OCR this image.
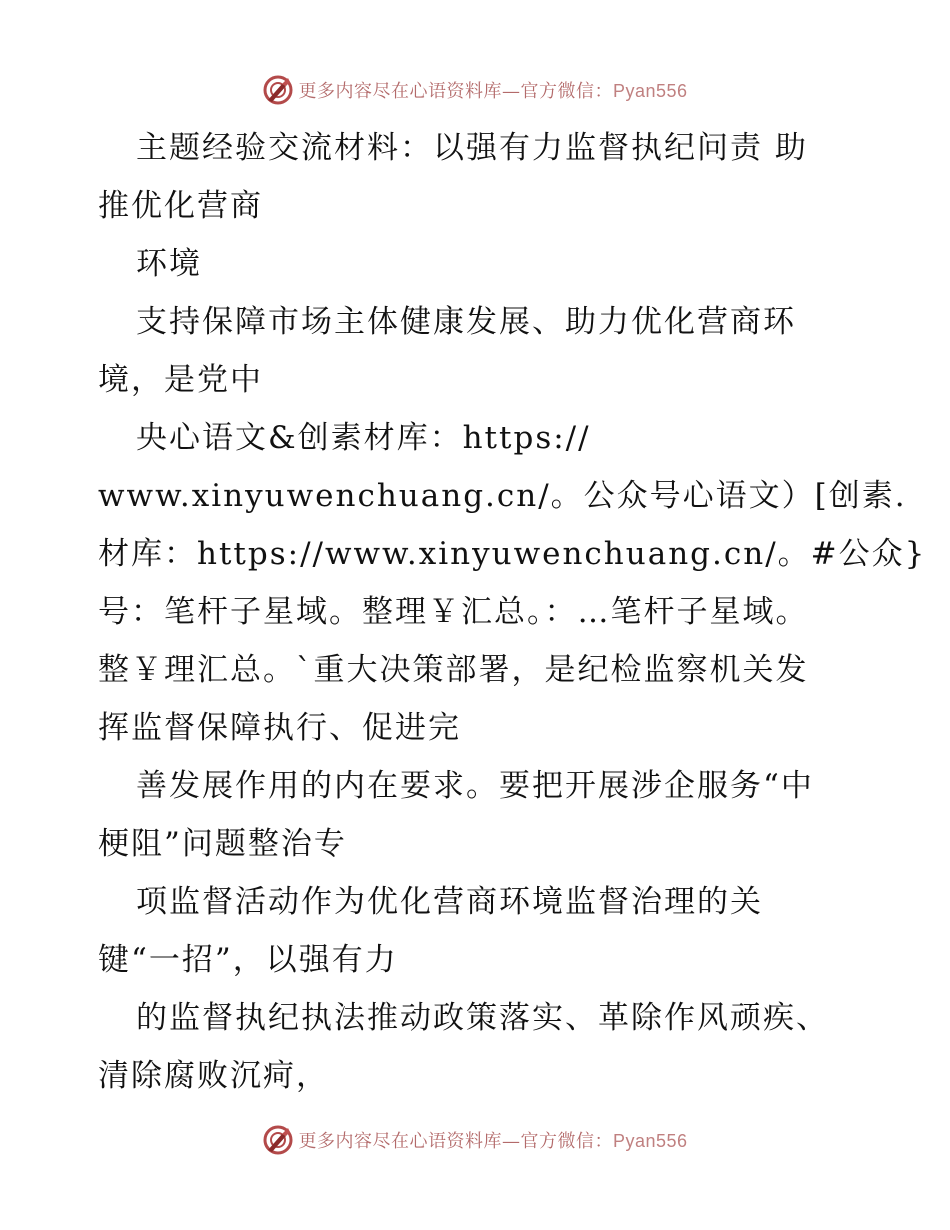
更多内容尽在心语资料库—官方微信：Pyan556
主题经验交流材料：以强有力监督执纪问责 助
推优化营商
环境
支持保障市场主体健康发展、助力优化营商环
境，是党中
央心语文&创素材库：https://
www.xinyuwenchuang.cn/。公众号心语文）[创素.
材库：https://www.xinyuwenchuang.cn/。#公众}
号：笔杆子星域。整理￥汇总。：…笔杆子星域。
整￥理汇总。`重大决策部署，是纪检监察机关发
挥监督保障执行、促进完
善发展作用的内在要求。要把开展涉企服务“中
梗阻”问题整治专
项监督活动作为优化营商环境监督治理的关
键“一招”，以强有力
的监督执纪执法推动政策落实、革除作风顽疾、
清除腐败沉疴，
更多内容尽在心语资料库—官方微信：Pyan556
